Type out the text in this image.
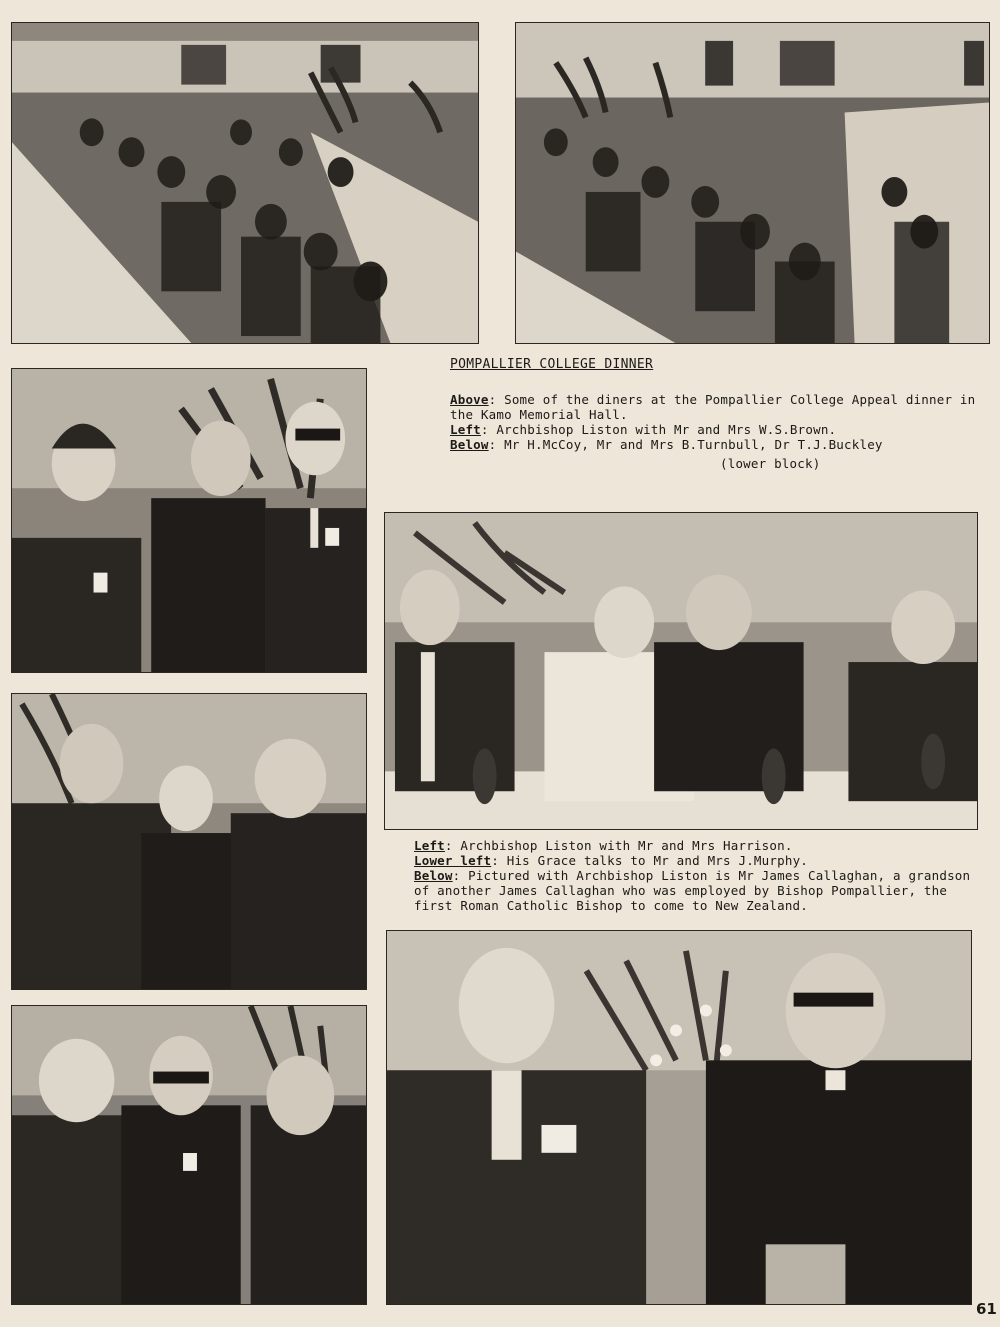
POMPALLIER COLLEGE DINNER

Above: Some of the diners at the Pompallier College Appeal dinner in the Kamo Memorial Hall.

Left: Archbishop Liston with Mr and Mrs W.S.Brown.

Below: Mr H.McCoy, Mr and Mrs B.Turnbull, Dr T.J.Buckley

(lower block)

Left: Archbishop Liston with Mr and Mrs Harrison.

Lower left: His Grace talks to Mr and Mrs J.Murphy.

Below: Pictured with Archbishop Liston is Mr James Callaghan, a grandson of another James Callaghan who was employed by Bishop Pompallier, the first Roman Catholic Bishop to come to New Zealand.

61
